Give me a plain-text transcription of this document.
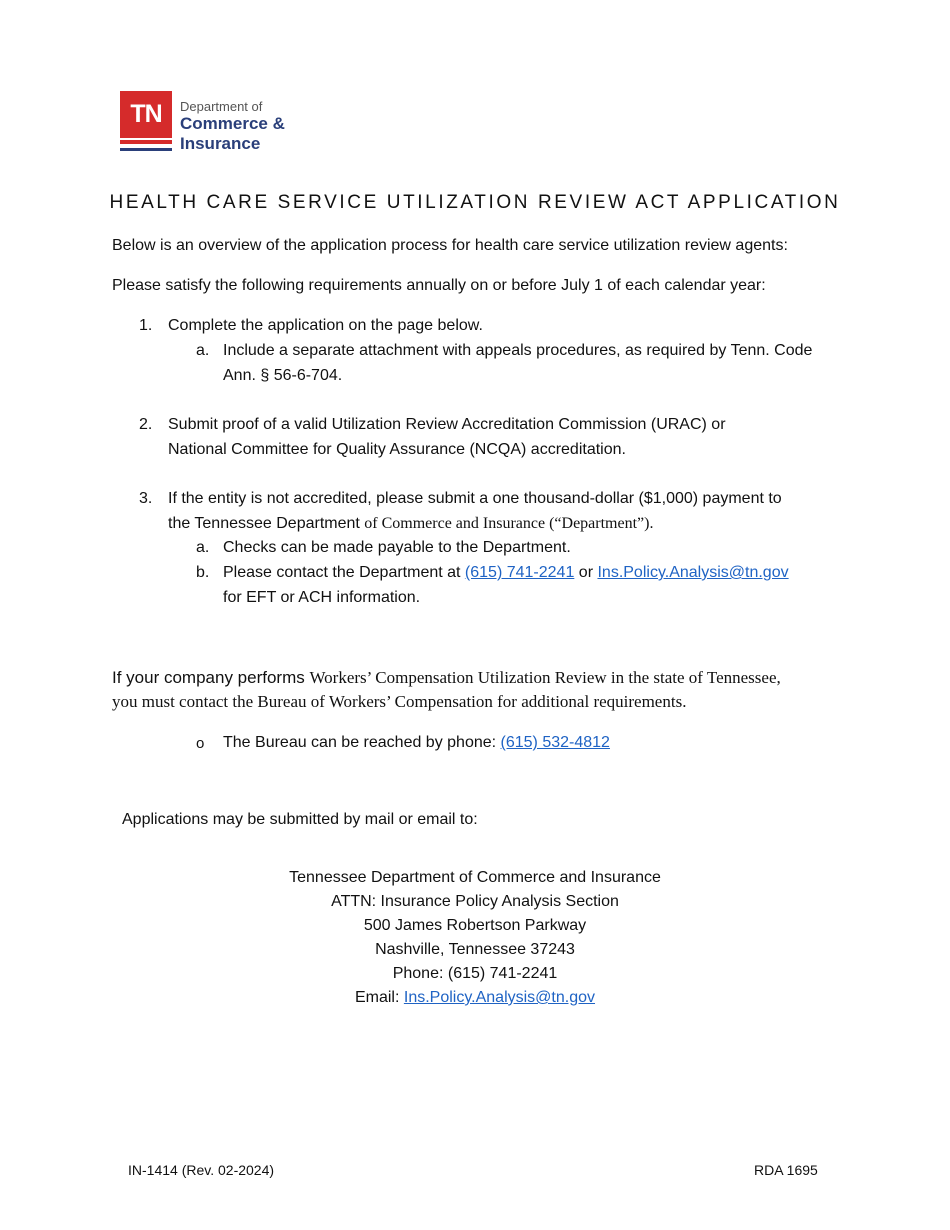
TN	Department of
Commerce &
Insurance
HEALTH CARE SERVICE UTILIZATION REVIEW ACT APPLICATION
Below is an overview of the application process for health care service utilization review agents:
Please satisfy the following requirements annually on or before July 1 of each calendar year:
1. Complete the application on the page below.
a. Include a separate attachment with appeals procedures, as required by Tenn. Code
Ann. § 56-6-704.
2. Submit proof of a valid Utilization Review Accreditation Commission (URAC) or
National Committee for Quality Assurance (NCQA) accreditation.
3. If the entity is not accredited, please submit a one thousand-dollar ($1,000) payment to
the Tennessee Department of Commerce and Insurance (“Department”).
a. Checks can be made payable to the Department.
b. Please contact the Department at (615) 741-2241 or Ins.Policy.Analysis@tn.gov
for EFT or ACH information.
If your company performs Workers’ Compensation Utilization Review in the state of Tennessee,
you must contact the Bureau of Workers’ Compensation for additional requirements.
o The Bureau can be reached by phone: (615) 532-4812
Applications may be submitted by mail or email to:
Tennessee Department of Commerce and Insurance
ATTN: Insurance Policy Analysis Section
500 James Robertson Parkway
Nashville, Tennessee 37243
Phone: (615) 741-2241
Email: Ins.Policy.Analysis@tn.gov
IN-1414 (Rev. 02-2024)	RDA 1695
